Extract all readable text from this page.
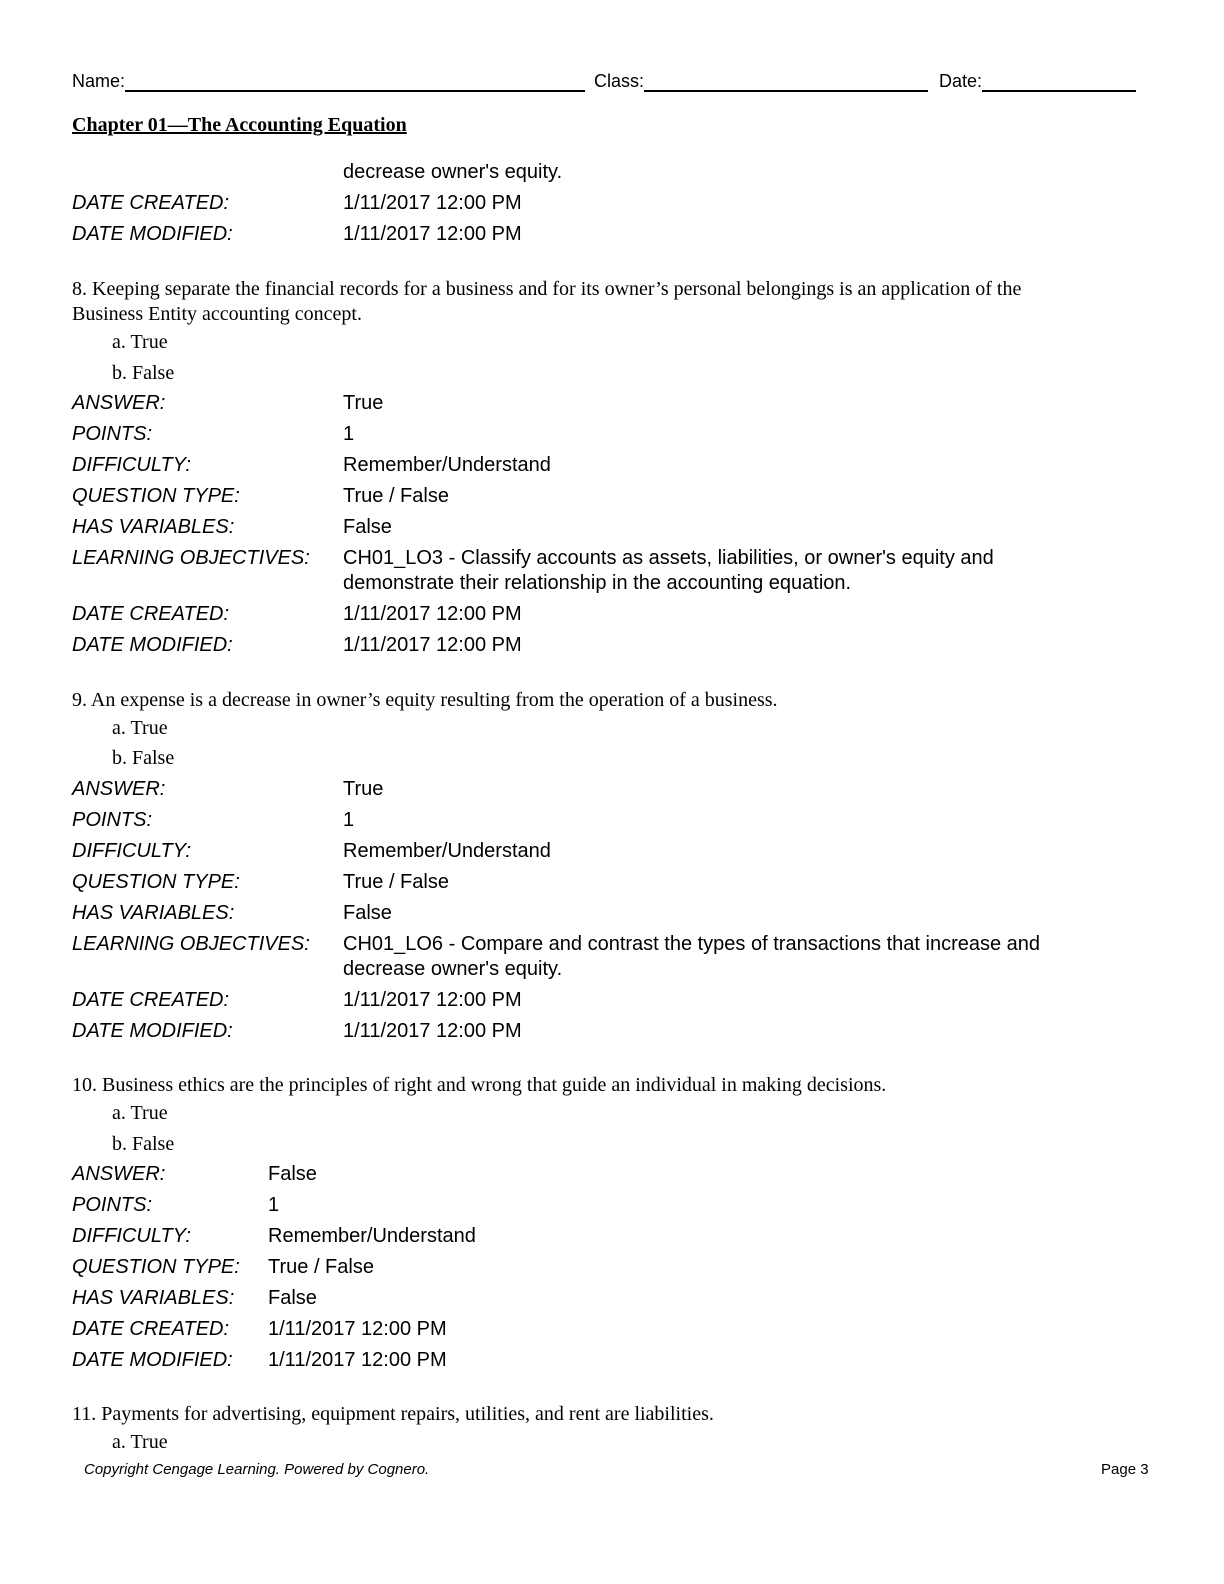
Name:	Class:	Date:
Chapter 01—The Accounting Equation
decrease owner's equity.
DATE CREATED:	1/11/2017 12:00 PM
DATE MODIFIED:	1/11/2017 12:00 PM
8. Keeping separate the financial records for a business and for its owner’s personal belongings is an application of the
Business Entity accounting concept.
a. True
b. False
ANSWER:	True
POINTS:	1
DIFFICULTY:	Remember/Understand
QUESTION TYPE:	True / False
HAS VARIABLES:	False
LEARNING OBJECTIVES: CH01_LO3 - Classify accounts as assets, liabilities, or owner's equity and
demonstrate their relationship in the accounting equation.
DATE CREATED:	1/11/2017 12:00 PM
DATE MODIFIED:	1/11/2017 12:00 PM
9. An expense is a decrease in owner’s equity resulting from the operation of a business.
a. True
b. False
ANSWER:	True
POINTS:	1
DIFFICULTY:	Remember/Understand
QUESTION TYPE:	True / False
HAS VARIABLES:	False
LEARNING OBJECTIVES: CH01_LO6 - Compare and contrast the types of transactions that increase and
decrease owner's equity.
DATE CREATED:	1/11/2017 12:00 PM
DATE MODIFIED:	1/11/2017 12:00 PM
10. Business ethics are the principles of right and wrong that guide an individual in making decisions.
a. True
b. False
ANSWER:	False
POINTS:	1
DIFFICULTY:	Remember/Understand
QUESTION TYPE: True / False
HAS VARIABLES: False
DATE CREATED: 1/11/2017 12:00 PM
DATE MODIFIED: 1/11/2017 12:00 PM
11. Payments for advertising, equipment repairs, utilities, and rent are liabilities.
a. True
Copyright Cengage Learning. Powered by Cognero.	Page 3
